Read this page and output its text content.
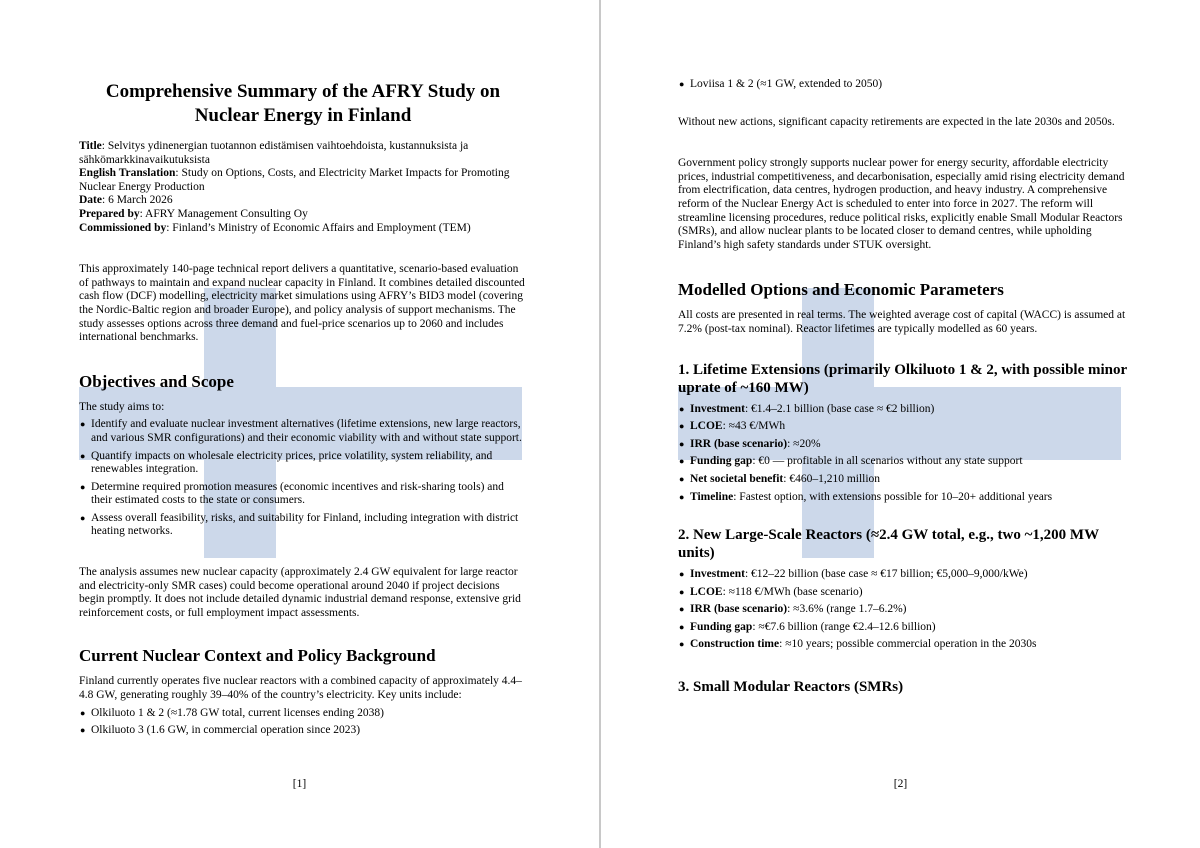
Comprehensive Summary of the AFRY Study on Nuclear Energy in Finland

Title: Selvitys ydinenergian tuotannon edistämisen vaihtoehdoista, kustannuksista ja sähkömarkkinavaikutuksista

English Translation: Study on Options, Costs, and Electricity Market Impacts for Promoting Nuclear Energy Production

Date: 6 March 2026

Prepared by: AFRY Management Consulting Oy

Commissioned by: Finland’s Ministry of Economic Affairs and Employment (TEM)

This approximately 140-page technical report delivers a quantitative, scenario-based evaluation of pathways to maintain and expand nuclear capacity in Finland. It combines detailed discounted cash flow (DCF) modelling, electricity market simulations using AFRY’s BID3 model (covering the Nordic-Baltic region and broader Europe), and policy analysis of support mechanisms. The study assesses options across three demand and fuel-price scenarios up to 2060 and includes international benchmarks.

Objectives and Scope

The study aims to:

● Identify and evaluate nuclear investment alternatives (lifetime extensions, new large reactors, and various SMR configurations) and their economic viability with and without state support.
● Quantify impacts on wholesale electricity prices, price volatility, system reliability, and renewables integration.
● Determine required promotion measures (economic incentives and risk-sharing tools) and their estimated costs to the state or consumers.
● Assess overall feasibility, risks, and suitability for Finland, including integration with district heating networks.

The analysis assumes new nuclear capacity (approximately 2.4 GW equivalent for large reactor and electricity-only SMR cases) could become operational around 2040 if project decisions begin promptly. It does not include detailed dynamic industrial demand response, extensive grid reinforcement costs, or full employment impact assessments.

Current Nuclear Context and Policy Background

Finland currently operates five nuclear reactors with a combined capacity of approximately 4.4–4.8 GW, generating roughly 39–40% of the country’s electricity. Key units include:

● Olkiluoto 1 & 2 (≈1.78 GW total, current licenses ending 2038)
● Olkiluoto 3 (1.6 GW, in commercial operation since 2023)
[1]
● Loviisa 1 & 2 (≈1 GW, extended to 2050)

Without new actions, significant capacity retirements are expected in the late 2030s and 2050s.

Government policy strongly supports nuclear power for energy security, affordable electricity prices, industrial competitiveness, and decarbonisation, especially amid rising electricity demand from electrification, data centres, hydrogen production, and heavy industry. A comprehensive reform of the Nuclear Energy Act is scheduled to enter into force in 2027. The reform will streamline licensing procedures, reduce political risks, explicitly enable Small Modular Reactors (SMRs), and allow nuclear plants to be located closer to demand centres, while upholding Finland’s high safety standards under STUK oversight.

Modelled Options and Economic Parameters

All costs are presented in real terms. The weighted average cost of capital (WACC) is assumed at 7.2% (post-tax nominal). Reactor lifetimes are typically modelled as 60 years.

1. Lifetime Extensions (primarily Olkiluoto 1 & 2, with possible minor uprate of ~160 MW)
● Investment: €1.4–2.1 billion (base case ≈ €2 billion)
● LCOE: ≈43 €/MWh
● IRR (base scenario): ≈20%
● Funding gap: €0 — profitable in all scenarios without any state support
● Net societal benefit: €460–1,210 million
● Timeline: Fastest option, with extensions possible for 10–20+ additional years
2. New Large-Scale Reactors (≈2.4 GW total, e.g., two ~1,200 MW units)
● Investment: €12–22 billion (base case ≈ €17 billion; €5,000–9,000/kWe)
● LCOE: ≈118 €/MWh (base scenario)
● IRR (base scenario): ≈3.6% (range 1.7–6.2%)
● Funding gap: ≈€7.6 billion (range €2.4–12.6 billion)
● Construction time: ≈10 years; possible commercial operation in the 2030s
3. Small Modular Reactors (SMRs)
[2]
